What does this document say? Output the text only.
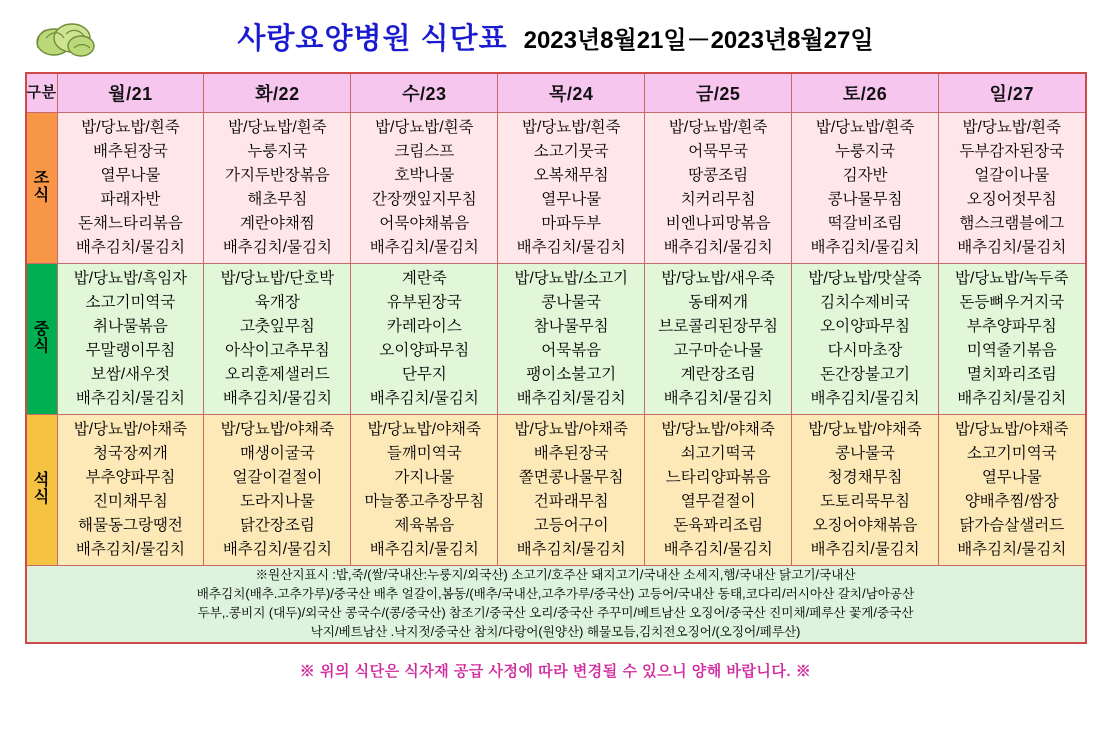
사랑요양병원 식단표 2023년8월21일－2023년8월27일
구분	월/21	화/22	수/23	목/24	금/25	토/26	일/27
조식	
밥/당뇨밥/흰죽
배추된장국
열무나물
파래자반
돈채느타리볶음
배추김치/물김치

밥/당뇨밥/흰죽
누룽지국
가지두반장볶음
해초무침
계란야채찜
배추김치/물김치

밥/당뇨밥/흰죽
크림스프
호박나물
간장깻잎지무침
어묵야채볶음
배추김치/물김치

밥/당뇨밥/흰죽
소고기뭇국
오복채무침
열무나물
마파두부
배추김치/물김치

밥/당뇨밥/흰죽
어묵무국
땅콩조림
치커리무침
비엔나피망볶음
배추김치/물김치

밥/당뇨밥/흰죽
누룽지국
김자반
콩나물무침
떡갈비조림
배추김치/물김치

밥/당뇨밥/흰죽
두부감자된장국
얼갈이나물
오징어젓무침
햄스크램블에그
배추김치/물김치

중식	
밥/당뇨밥/흑임자
소고기미역국
취나물볶음
무말랭이무침
보쌈/새우젓
배추김치/물김치

밥/당뇨밥/단호박
육개장
고춧잎무침
아삭이고추무침
오리훈제샐러드
배추김치/물김치

계란죽
유부된장국
카레라이스
오이양파무침
단무지
배추김치/물김치

밥/당뇨밥/소고기
콩나물국
참나물무침
어묵볶음
팽이소불고기
배추김치/물김치

밥/당뇨밥/새우죽
동태찌개
브로콜리된장무침
고구마순나물
계란장조림
배추김치/물김치

밥/당뇨밥/맛살죽
김치수제비국
오이양파무침
다시마초장
돈간장불고기
배추김치/물김치

밥/당뇨밥/녹두죽
돈등뼈우거지국
부추양파무침
미역줄기볶음
멸치꽈리조림
배추김치/물김치

석식	
밥/당뇨밥/야채죽
청국장찌개
부추양파무침
진미채무침
해물동그랑땡전
배추김치/물김치

밥/당뇨밥/야채죽
매생이굴국
얼갈이겉절이
도라지나물
닭간장조림
배추김치/물김치

밥/당뇨밥/야채죽
들깨미역국
가지나물
마늘쫑고추장무침
제육볶음
배추김치/물김치

밥/당뇨밥/야채죽
배추된장국
쫄면콩나물무침
건파래무침
고등어구이
배추김치/물김치

밥/당뇨밥/야채죽
쇠고기떡국
느타리양파볶음
열무겉절이
돈육꽈리조림
배추김치/물김치

밥/당뇨밥/야채죽
콩나물국
청경채무침
도토리묵무침
오징어야채볶음
배추김치/물김치

밥/당뇨밥/야채죽
소고기미역국
열무나물
양배추찜/쌈장
닭가슴살샐러드
배추김치/물김치

※원산지표시 :밥,죽/(쌀/국내산:누룽지/외국산) 소고기/호주산 돼지고기/국내산 소세지,햄/국내산 닭고기/국내산
배추김치(배추.고추가루)/중국산 배추 얼갈이,봄동/(배추/국내산,고추가루/중국산) 고등어/국내산 동태,코다리/러시아산 갈치/남아공산
두부,.콩비지 (대두)/외국산 콩국수/(콩/중국산) 참조기/중국산 오리/중국산 주꾸미/베트남산 오징어/중국산 진미채/페루산 꽃게/중국산
낙지/베트남산 .낙지젓/중국산 참치/다랑어(원양산) 해물모듬,김치전오징어/(오징어/페루산)							
※ 위의 식단은 식자재 공급 사정에 따라 변경될 수 있으니 양해 바랍니다. ※
